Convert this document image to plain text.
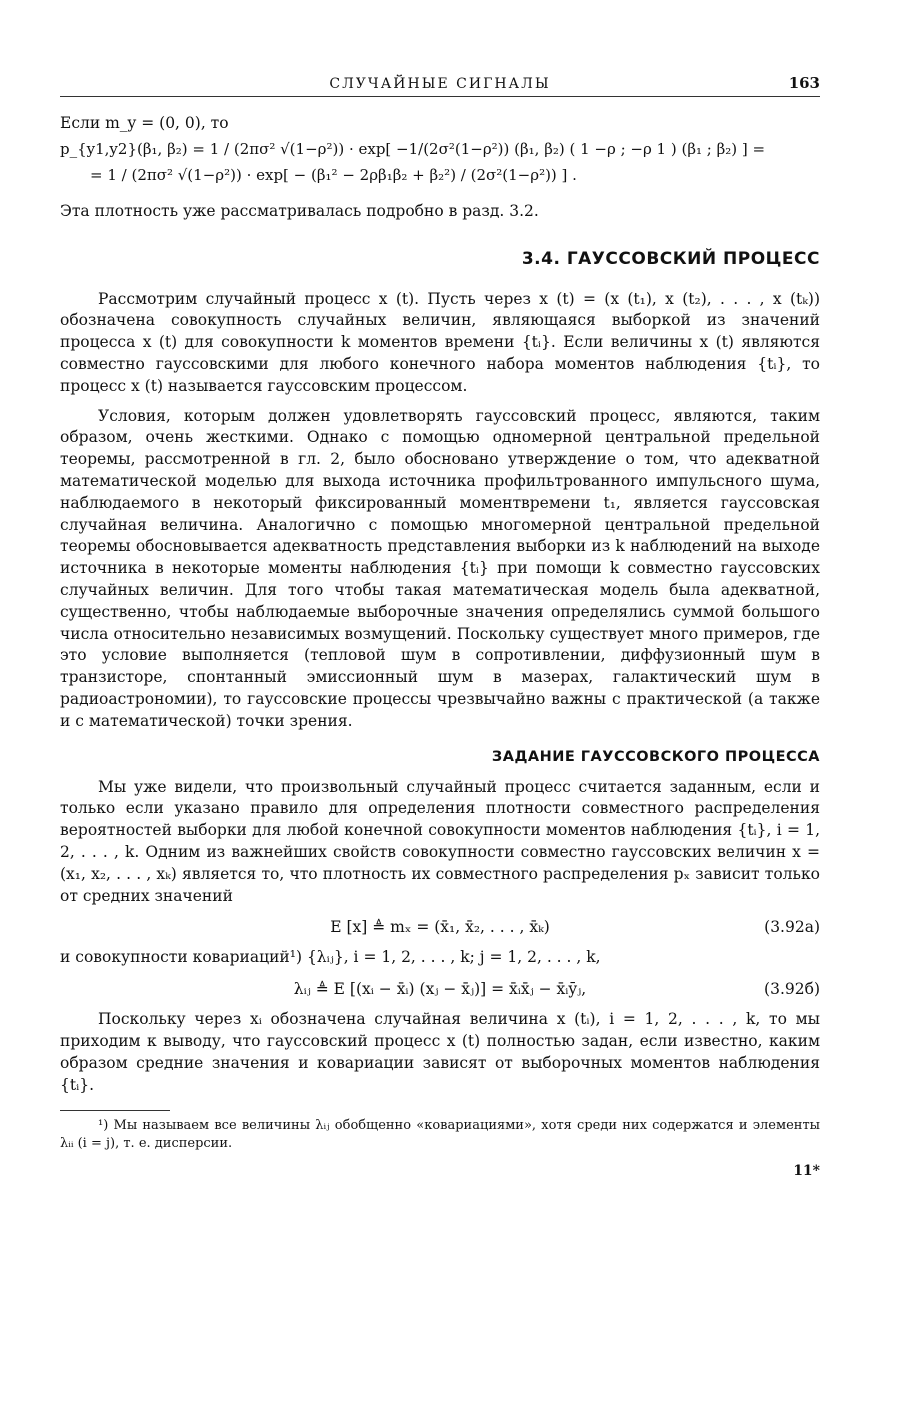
СЛУЧАЙНЫЕ СИГНАЛЫ	163

Если m_y = (0, 0), то

p_{y1,y2}(β₁, β₂) = 1 / (2πσ² √(1−ρ²)) · exp[ −1/(2σ²(1−ρ²)) (β₁, β₂) ( 1 −ρ ; −ρ 1 ) (β₁ ; β₂) ] =
= 1 / (2πσ² √(1−ρ²)) · exp[ − (β₁² − 2ρβ₁β₂ + β₂²) / (2σ²(1−ρ²)) ] .

Эта плотность уже рассматривалась подробно в разд. 3.2.

3.4. ГАУССОВСКИЙ ПРОЦЕСС

Рассмотрим случайный процесс x (t). Пусть через x (t) = (x (t₁), x (t₂), . . . , x (tₖ)) обозначена совокупность случайных величин, являющаяся выборкой из значений процесса x (t) для совокупности k моментов времени {tᵢ}. Если величины x (t) являются совместно гауссовскими для любого конечного набора моментов наблюдения {tᵢ}, то процесс x (t) называется гауссовским процессом.

Условия, которым должен удовлетворять гауссовский процесс, являются, таким образом, очень жесткими. Однако с помощью одномерной центральной предельной теоремы, рассмотренной в гл. 2, было обосновано утверждение о том, что адекватной математической моделью для выхода источника профильтрованного импульсного шума, наблюдаемого в некоторый фиксированный моментвремени t₁, является гауссовская случайная величина. Аналогично с помощью многомерной центральной предельной теоремы обосновывается адекватность представления выборки из k наблюдений на выходе источника в некоторые моменты наблюдения {tᵢ} при помощи k совместно гауссовских случайных величин. Для того чтобы такая математическая модель была адекватной, существенно, чтобы наблюдаемые выборочные значения определялись суммой большого числа относительно независимых возмущений. Поскольку существует много примеров, где это условие выполняется (тепловой шум в сопротивлении, диффузионный шум в транзисторе, спонтанный эмиссионный шум в мазерах, галактический шум в радиоастрономии), то гауссовские процессы чрезвычайно важны с практической (а также и с математической) точки зрения.

ЗАДАНИЕ ГАУССОВСКОГО ПРОЦЕССА

Мы уже видели, что произвольный случайный процесс считается заданным, если и только если указано правило для определения плотности совместного распределения вероятностей выборки для любой конечной совокупности моментов наблюдения {tᵢ}, i = 1, 2, . . . , k. Одним из важнейших свойств совокупности совместно гауссовских величин x = (x₁, x₂, . . . , xₖ) является то, что плотность их совместного распределения pₓ зависит только от средних значений

E [x] ≜ mₓ = (x̄₁, x̄₂, . . . , x̄ₖ)	(3.92а)

и совокупности ковариаций¹) {λᵢⱼ}, i = 1, 2, . . . , k; j = 1, 2, . . . , k,

λᵢⱼ ≜ E [(xᵢ − x̄ᵢ) (xⱼ − x̄ⱼ)] = x̄ᵢx̄ⱼ − x̄ᵢȳⱼ,	(3.92б)

Поскольку через xᵢ обозначена случайная величина x (tᵢ), i = 1, 2, . . . , k, то мы приходим к выводу, что гауссовский процесс x (t) полностью задан, если известно, каким образом средние значения и ковариации зависят от выборочных моментов наблюдения {tᵢ}.

¹) Мы называем все величины λᵢⱼ обобщенно «ковариациями», хотя среди них содержатся и элементы λᵢᵢ (i = j), т. е. дисперсии.

11*
